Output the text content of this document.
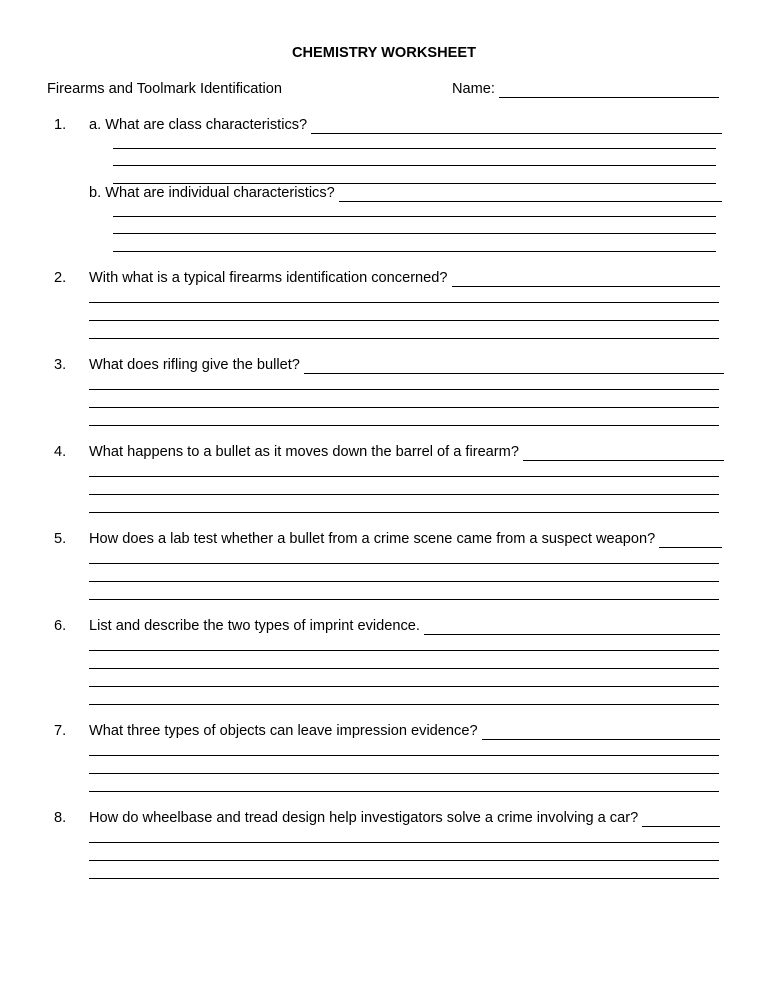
CHEMISTRY WORKSHEET
Firearms and Toolmark Identification	Name:
1.	a. What are class characteristics?
b. What are individual characteristics?
2.	With what is a typical firearms identification concerned?
3.	What does rifling give the bullet?
4.	What happens to a bullet as it moves down the barrel of a firearm?
5.	How does a lab test whether a bullet from a crime scene came from a suspect weapon?
6.	List and describe the two types of imprint evidence.
7.	What three types of objects can leave impression evidence?
8.	How do wheelbase and tread design help investigators solve a crime involving a car?
